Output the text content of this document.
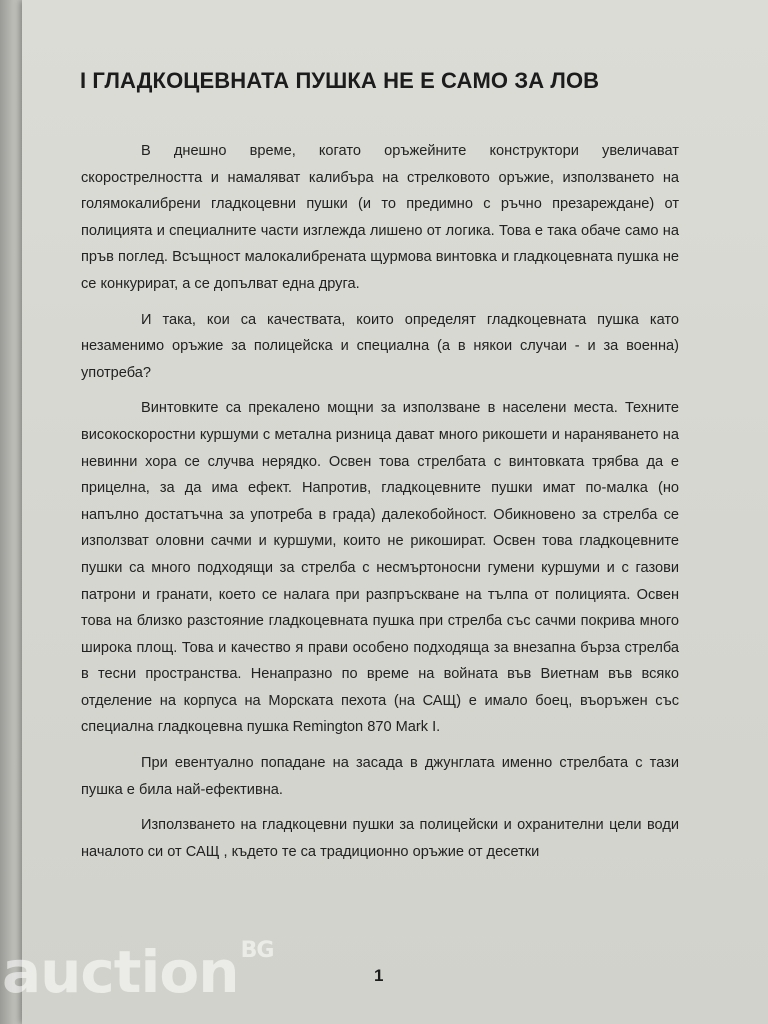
I ГЛАДКОЦЕВНАТА ПУШКА НЕ Е САМО ЗА ЛОВ

В днешно време, когато оръжейните конструктори увеличават скорострелността и намаляват калибъра на стрелковото оръжие, използването на голямокалибрени гладкоцевни пушки (и то предимно с ръчно презареждане) от полицията и специалните части изглежда лишено от логика. Това е така обаче само на пръв поглед. Всъщност малокалибрената щурмова винтовка и гладкоцевната пушка не се конкурират, а се допълват една друга.

И така, кои са качествата, които определят гладкоцевната пушка като незаменимо оръжие за полицейска и специална (а в някои случаи - и за военна) употреба?

Винтовките са прекалено мощни за използване в населени места. Техните високоскоростни куршуми с метална ризница дават много рикошети и нараняването на невинни хора се случва нерядко. Освен това стрелбата с винтовката трябва да е прицелна, за да има ефект. Напротив, гладкоцевните пушки имат по-малка (но напълно достатъчна за употреба в града) далекобойност. Обикновено за стрелба се използват оловни сачми и куршуми, които не рикошират. Освен това гладкоцевните пушки са много подходящи за стрелба с несмъртоносни гумени куршуми и с газови патрони и гранати, което се налага при разпръскване на тълпа от полицията. Освен това на близко разстояние гладкоцевната пушка при стрелба със сачми покрива много широка площ. Това и качество я прави особено подходяща за внезапна бърза стрелба в тесни пространства. Ненапразно по време на войната във Виетнам във всяко отделение на корпуса на Морската пехота (на САЩ) е имало боец, въоръжен със специална гладкоцевна пушка Remington 870 Mark I.

При евентуално попадане на засада в джунглата именно стрелбата с тази пушка е била най-ефективна.

Използването на гладкоцевни пушки за полицейски и охранителни цели води началото си от САЩ , където те са традиционно оръжие от десетки

1
auction$^{BG}$
